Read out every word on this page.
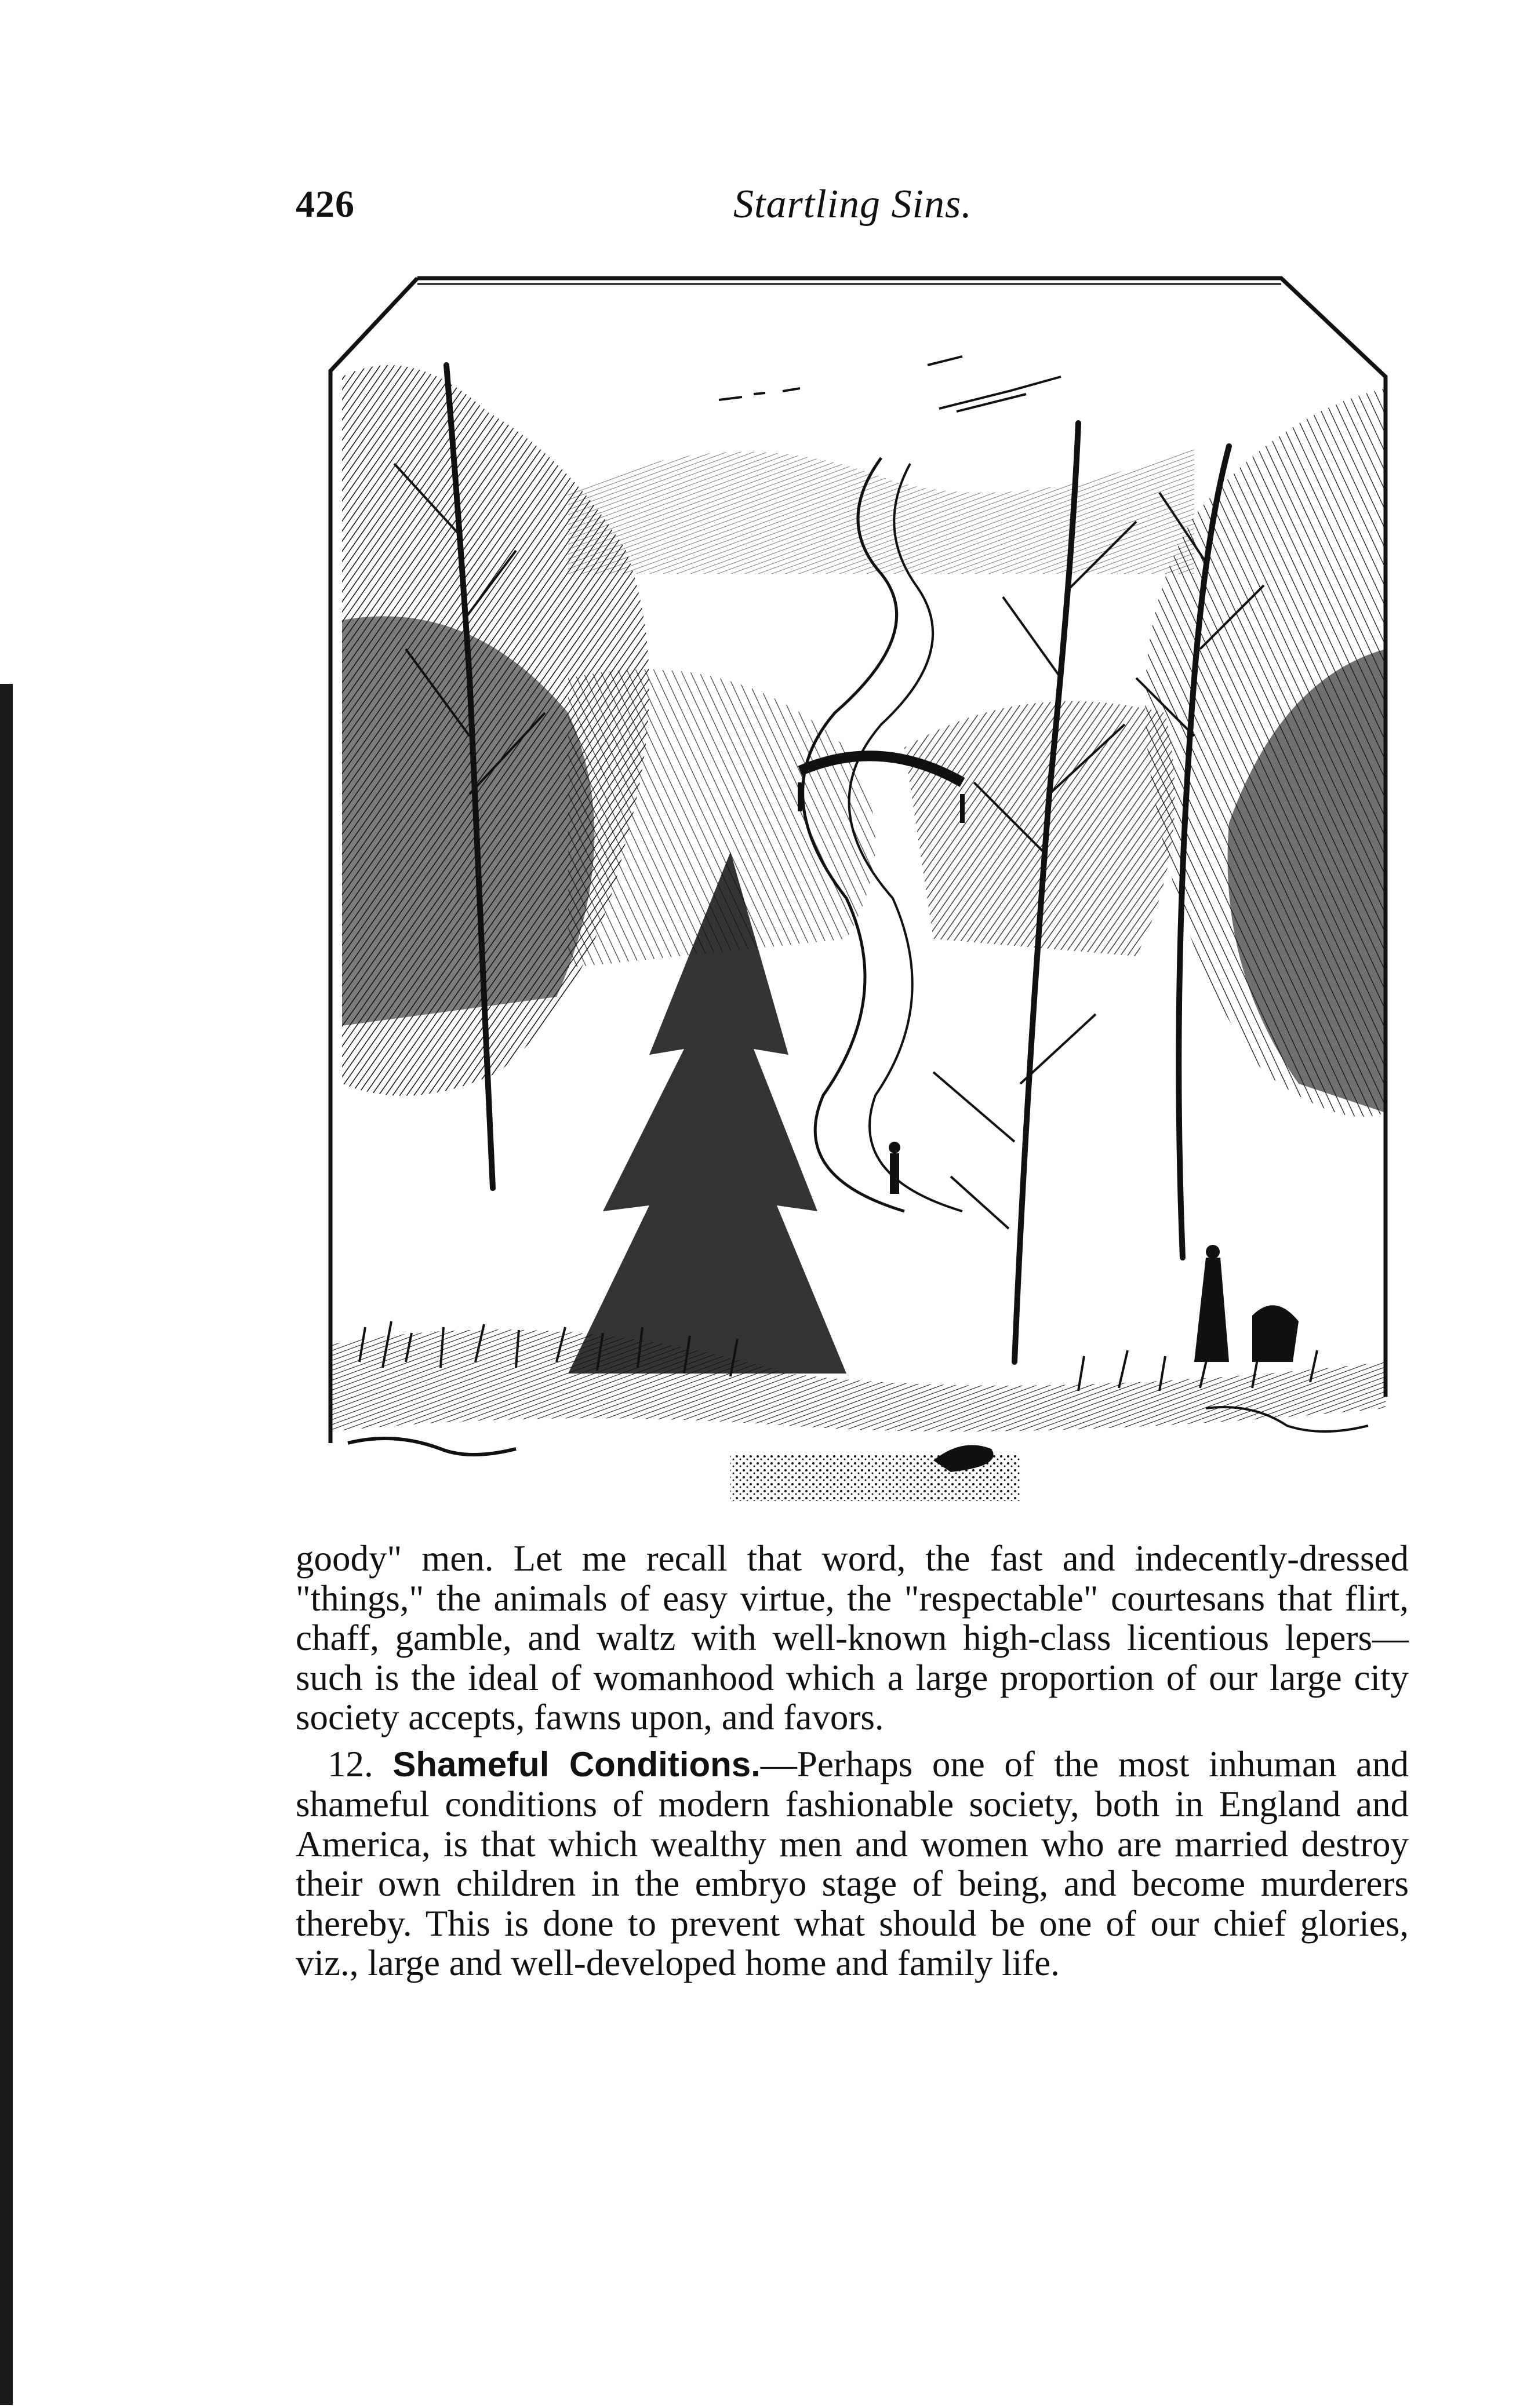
426	Startling Sins.

goody" men. Let me recall that word, the fast and indecently-dressed "things," the animals of easy virtue, the "respectable" courtesans that flirt, chaff, gamble, and waltz with well-known high-class licentious lepers—such is the ideal of womanhood which a large proportion of our large city society accepts, fawns upon, and favors.

12. Shameful Conditions.—Perhaps one of the most inhuman and shameful conditions of modern fashionable society, both in England and America, is that which wealthy men and women who are married destroy their own children in the embryo stage of being, and become murderers thereby. This is done to prevent what should be one of our chief glories, viz., large and well-developed home and family life.
